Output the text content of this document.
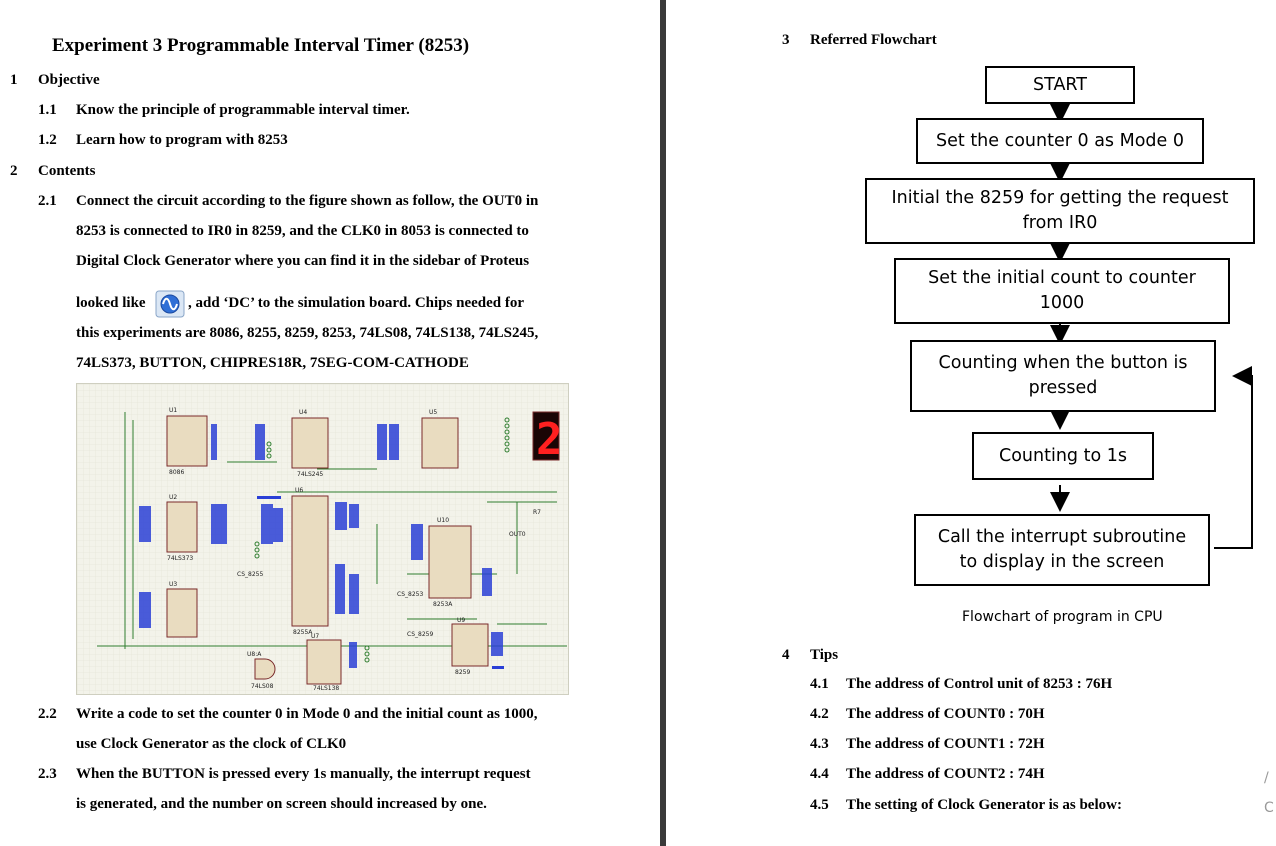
Experiment 3 Programmable Interval Timer (8253)
1 Objective
1.1 Know the principle of programmable interval timer.
1.2 Learn how to program with 8253
2 Contents
2.1 Connect the circuit according to the figure shown as follow, the OUT0 in
8253 is connected to IR0 in 8259, and the CLK0 in 8053 is connected to
Digital Clock Generator where you can find it in the sidebar of Proteus
looked like	, add ‘DC’ to the simulation board. Chips needed for
this experiments are 8086, 8255, 8259, 8253, 74LS08, 74LS138, 74LS245,
74LS373, BUTTON, CHIPRES18R, 7SEG-COM-CATHODE
U1	U4	U5
U2
U6
U10
U3
U7
U8:A
U9
R7
OUT0
CS_8259
CS_8253
CS_8255
8086
74LS373
74LS245
74LS138
8255A
8253A
8259
74LS08
2
2.2 Write a code to set the counter 0 in Mode 0 and the initial count as 1000,
use Clock Generator as the clock of CLK0
2.3 When the BUTTON is pressed every 1s manually, the interrupt request
is generated, and the number on screen should increased by one.
3 Referred Flowchart
START
Set the counter 0 as Mode 0
Initial the 8259 for getting the request from IR0
Set the initial count to counter 1000
Counting when the button is pressed
Counting to 1s
Call the interrupt subroutine to display in the screen
Flowchart of program in CPU
4 Tips
4.1 The address of Control unit of 8253 : 76H
4.2 The address of COUNT0 : 70H
4.3 The address of COUNT1 : 72H
4.4 The address of COUNT2 : 74H
4.5 The setting of Clock Generator is as below:
/
C
